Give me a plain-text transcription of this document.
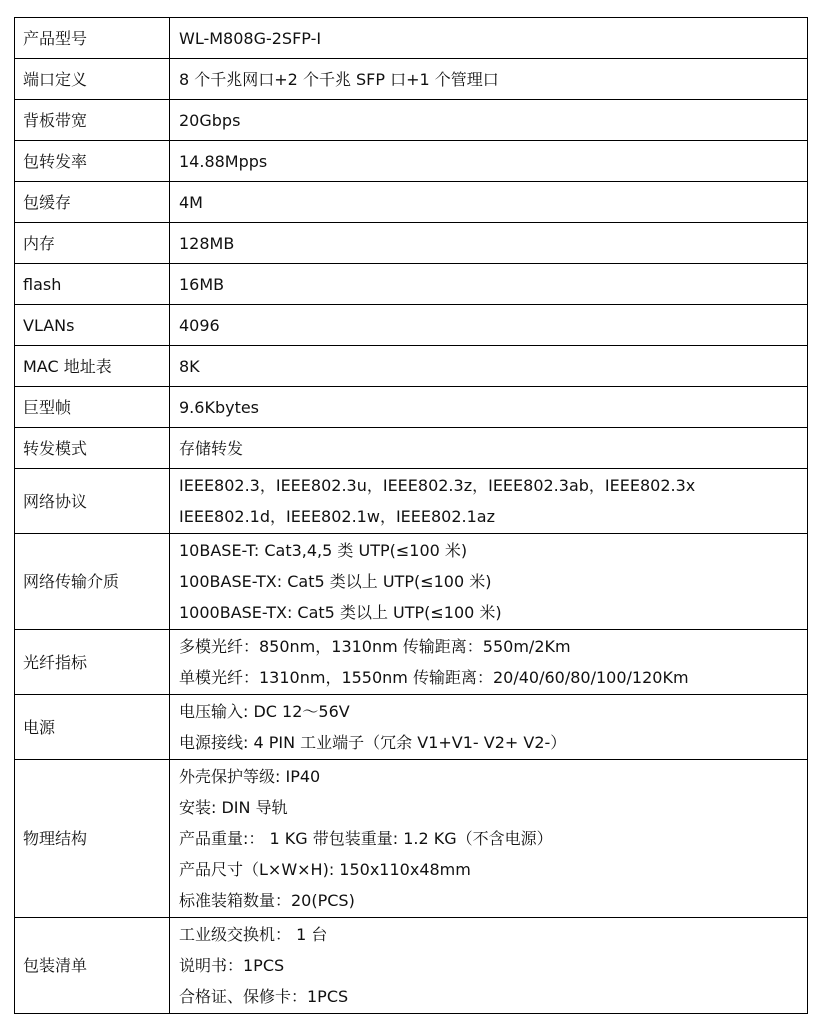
产品型号	WL-M808G-2SFP-I

端口定义	8 个千兆网口+2 个千兆 SFP 口+1 个管理口

背板带宽	20Gbps

包转发率	14.88Mpps

包缓存	4M

内存	128MB

flash	16MB

VLANs	4096

MAC 地址表	8K

巨型帧	9.6Kbytes

转发模式	存储转发

网络协议	IEEE802.3，IEEE802.3u，IEEE802.3z，IEEE802.3ab，IEEE802.3x
IEEE802.1d，IEEE802.1w，IEEE802.1az

网络传输介质	10BASE-T: Cat3,4,5 类 UTP(≤100 米)
100BASE-TX: Cat5 类以上 UTP(≤100 米)
1000BASE-TX: Cat5 类以上 UTP(≤100 米)

光纤指标	多模光纤：850nm，1310nm 传输距离：550m/2Km
单模光纤：1310nm，1550nm 传输距离：20/40/60/80/100/120Km

电源	电压输入: DC 12～56V
电源接线: 4 PIN 工业端子（冗余 V1+V1- V2+ V2-）

物理结构	外壳保护等级: IP40
安装: DIN 导轨
产品重量:： 1 KG 带包装重量: 1.2 KG（不含电源）
产品尺寸（L×W×H): 150x110x48mm
标准装箱数量：20(PCS)

包装清单	工业级交换机： 1 台
说明书：1PCS
合格证、保修卡：1PCS
